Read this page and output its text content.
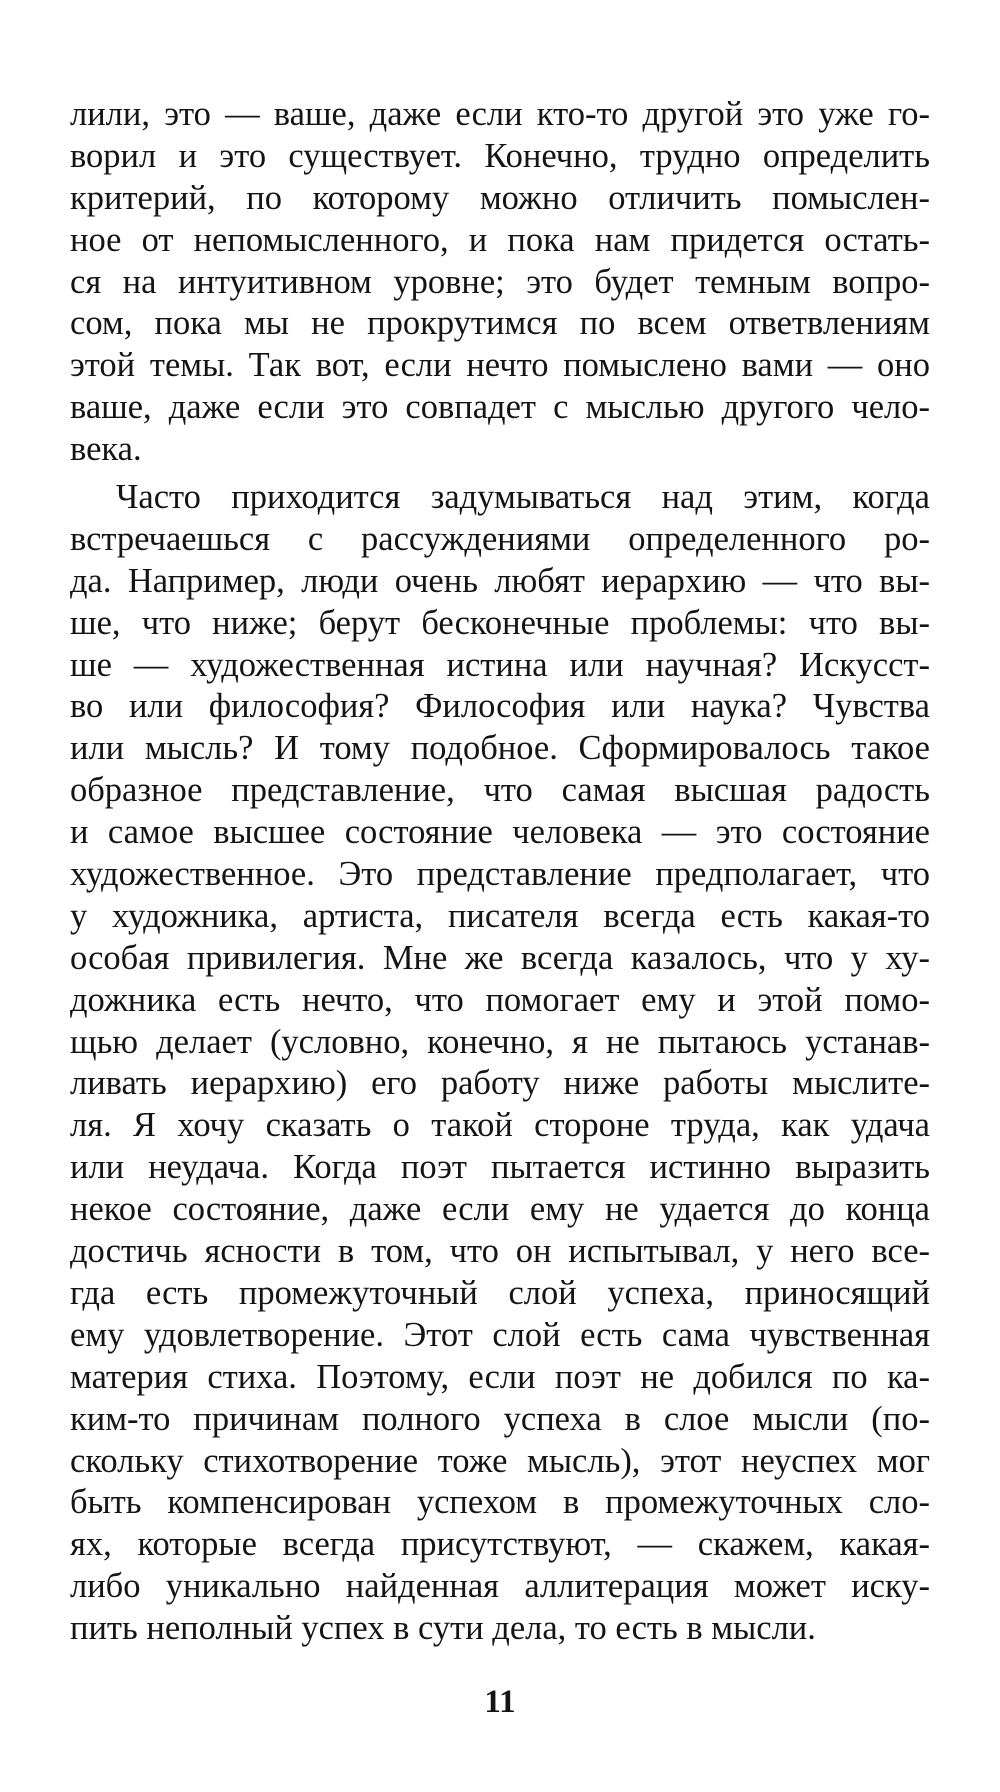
лили, это — ваше, даже если кто-то другой это уже го-
ворил и это существует. Конечно, трудно определить
критерий, по которому можно отличить помыслен-
ное от непомысленного, и пока нам придется остать-
ся на интуитивном уровне; это будет темным вопро-
сом, пока мы не прокрутимся по всем ответвлениям
этой темы. Так вот, если нечто помыслено вами — оно
ваше, даже если это совпадет с мыслью другого чело-
века.
Часто приходится задумываться над этим, когда
встречаешься с рассуждениями определенного ро-
да. Например, люди очень любят иерархию — что вы-
ше, что ниже; берут бесконечные проблемы: что вы-
ше — художественная истина или научная? Искусст-
во или философия? Философия или наука? Чувства
или мысль? И тому подобное. Сформировалось такое
образное представление, что самая высшая радость
и самое высшее состояние человека — это состояние
художественное. Это представление предполагает, что
у художника, артиста, писателя всегда есть какая-то
особая привилегия. Мне же всегда казалось, что у ху-
дожника есть нечто, что помогает ему и этой помо-
щью делает (условно, конечно, я не пытаюсь устанав-
ливать иерархию) его работу ниже работы мыслите-
ля. Я хочу сказать о такой стороне труда, как удача
или неудача. Когда поэт пытается истинно выразить
некое состояние, даже если ему не удается до конца
достичь ясности в том, что он испытывал, у него все-
гда есть промежуточный слой успеха, приносящий
ему удовлетворение. Этот слой есть сама чувственная
материя стиха. Поэтому, если поэт не добился по ка-
ким-то причинам полного успеха в слое мысли (по-
скольку стихотворение тоже мысль), этот неуспех мог
быть компенсирован успехом в промежуточных сло-
ях, которые всегда присутствуют, — скажем, какая-
либо уникально найденная аллитерация может иску-
пить неполный успех в сути дела, то есть в мысли.
11
